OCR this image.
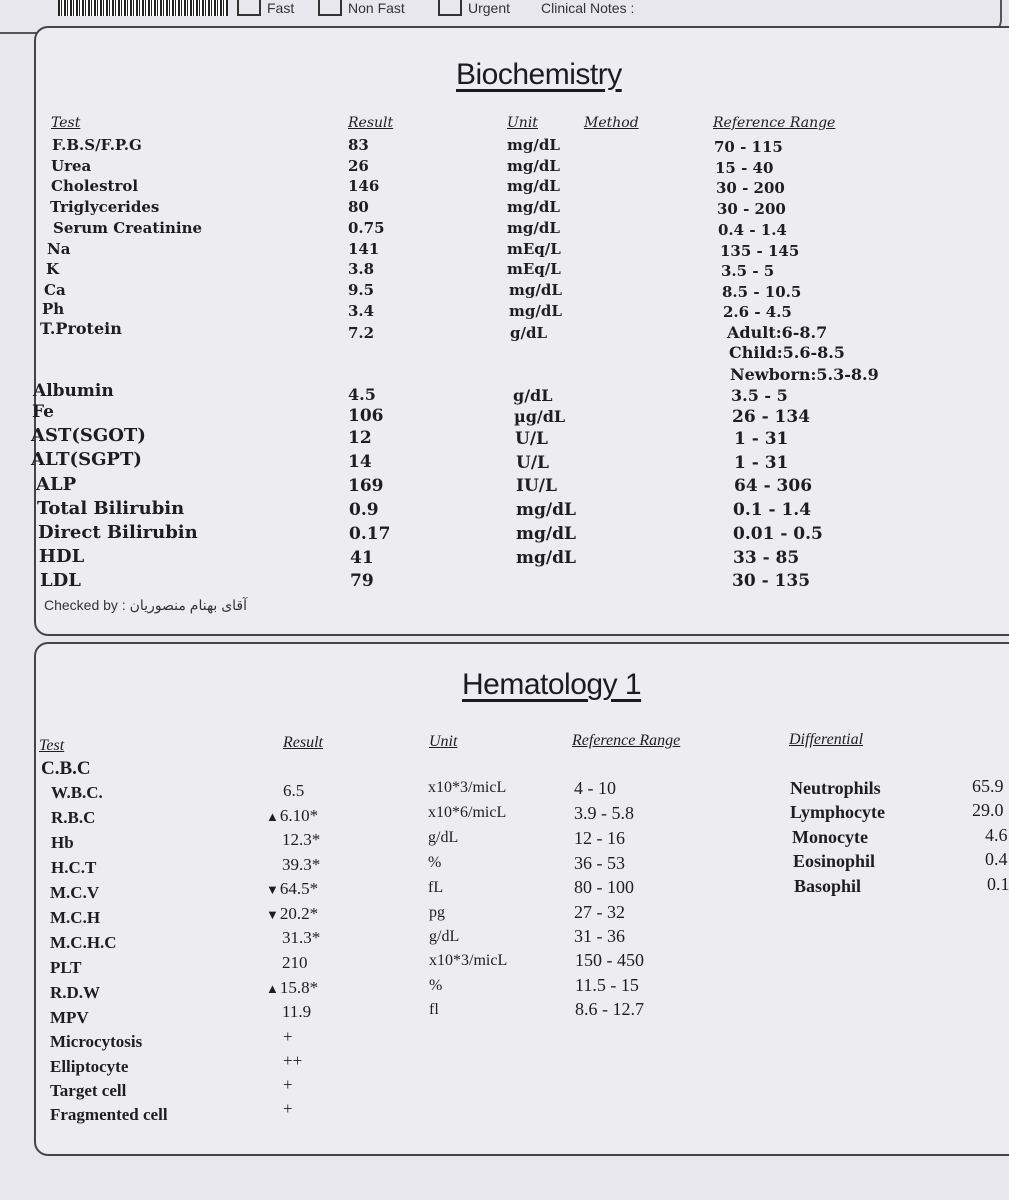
Fast	Non Fast	Urgent Clinical Notes :
Biochemistry
Test	Result	Unit	Method	Reference Range
F.B.S/F.P.G	83	mg/dL	70 - 115
Urea	26	mg/dL	15 - 40
Cholestrol	146	mg/dL	30 - 200
Triglycerides	80	mg/dL	30 - 200
Serum Creatinine	0.75	mg/dL	0.4 - 1.4
Na	141	mEq/L	135 - 145
K	3.8	mEq/L	3.5 - 5
Ca	9.5	mg/dL	8.5 - 10.5
Ph	3.4	mg/dL	2.6 - 4.5
T.Protein	7.2	g/dL	Adult:6-8.7
Child:5.6-8.5
Newborn:5.3-8.9
Albumin	4.5	g/dL	3.5 - 5
Fe	106	µg/dL	26 - 134
AST(SGOT)	12	U/L	1 - 31
ALT(SGPT)	14	U/L	1 - 31
ALP	169	IU/L	64 - 306
Total Bilirubin	0.9	mg/dL	0.1 - 1.4
Direct Bilirubin	0.17	mg/dL	0.01 - 0.5
HDL	41	mg/dL	33 - 85
LDL	79	30 - 135
Checked by : آقای بهنام منصوریان
Hematology 1
Test	Result	Unit	Reference Range	Differential
C.B.C
W.B.C.	6.5	x10*3/micL	4 - 10
R.B.C	▲6.10*	x10*6/micL	3.9 - 5.8
Hb	12.3*	g/dL	12 - 16
H.C.T	39.3*	%	36 - 53
M.C.V	▼64.5*	fL	80 - 100
M.C.H	▼20.2*	pg	27 - 32
M.C.H.C	31.3*	g/dL	31 - 36
PLT	210	x10*3/micL	150 - 450
R.D.W	▲15.8*	%	11.5 - 15
MPV	11.9	fl	8.6 - 12.7
Microcytosis	+
Elliptocyte	++
Target cell	+
Fragmented cell	+
Neutrophils	65.9
Lymphocyte	29.0
Monocyte	4.6
Eosinophil	0.4
Basophil	0.1
